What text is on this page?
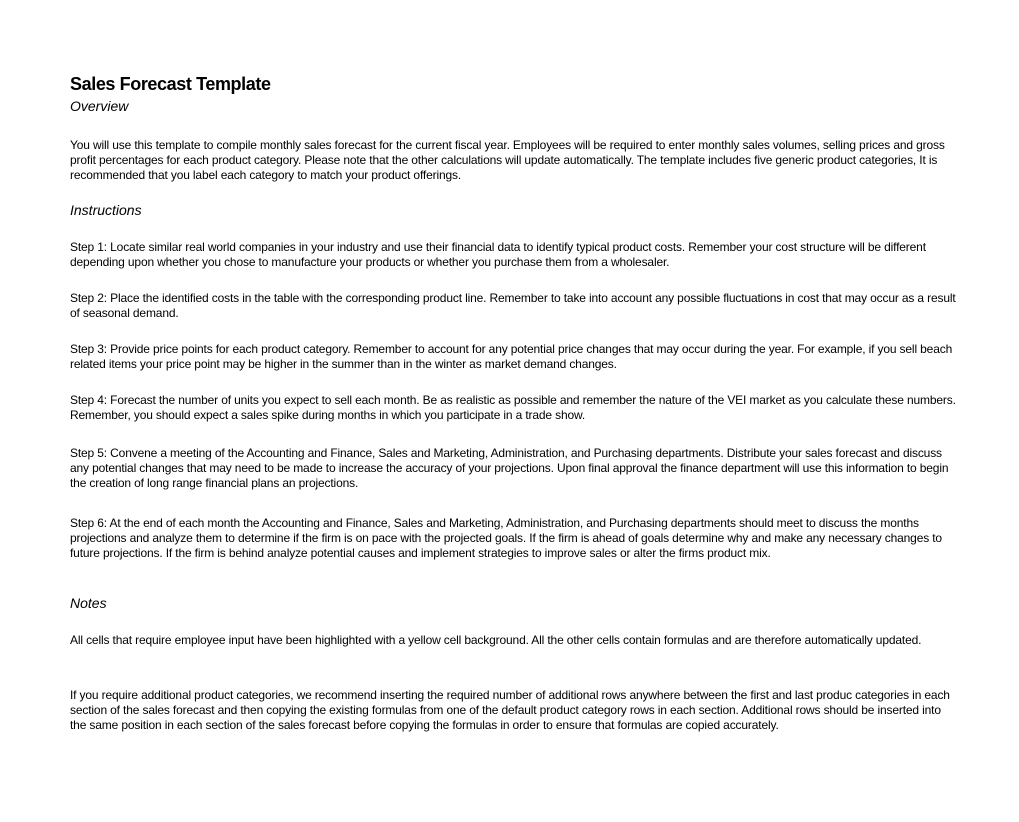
Sales Forecast Template
Overview
You will use this template to compile monthly sales forecast for the current fiscal year. Employees will be required to enter monthly sales volumes, selling prices and gross profit percentages for each product category. Please note that the other calculations will update automatically. The template includes five generic product categories, It is recommended that you label each category to match your product offerings.
Instructions
Step 1: Locate similar real world companies in your industry and use their financial data to identify typical product costs. Remember your cost structure will be different depending upon whether you chose to manufacture your products or whether you purchase them from a wholesaler.
Step 2: Place the identified costs in the table with the corresponding product line. Remember to take into account any possible fluctuations in cost that may occur as a result of seasonal demand.
Step 3: Provide price points for each product category. Remember to account for any potential price changes that may occur during the year. For example, if you sell beach related items your price point may be higher in the summer than in the winter as market demand changes.
Step 4: Forecast the number of units you expect to sell each month. Be as realistic as possible and remember the nature of the VEI market as you calculate these numbers. Remember, you should expect a sales spike during months in which you participate in a trade show.
Step 5: Convene a meeting of the Accounting and Finance, Sales and Marketing, Administration, and Purchasing departments. Distribute your sales forecast and discuss any potential changes that may need to be made to increase the accuracy of your projections. Upon final approval the finance department will use this information to begin the creation of long range financial plans an projections.
Step 6: At the end of each month the Accounting and Finance, Sales and Marketing, Administration, and Purchasing departments should meet to discuss the months projections and analyze them to determine if the firm is on pace with the projected goals. If the firm is ahead of goals determine why and make any necessary changes to future projections. If the firm is behind analyze potential causes and implement strategies to improve sales or alter the firms product mix.
Notes
All cells that require employee input have been highlighted with a yellow cell background. All the other cells contain formulas and are therefore automatically updated.
If you require additional product categories, we recommend inserting the required number of additional rows anywhere between the first and last produc categories in each section of the sales forecast and then copying the existing formulas from one of the default product category rows in each section. Additional rows should be inserted into the same position in each section of the sales forecast before copying the formulas in order to ensure that formulas are copied accurately.
